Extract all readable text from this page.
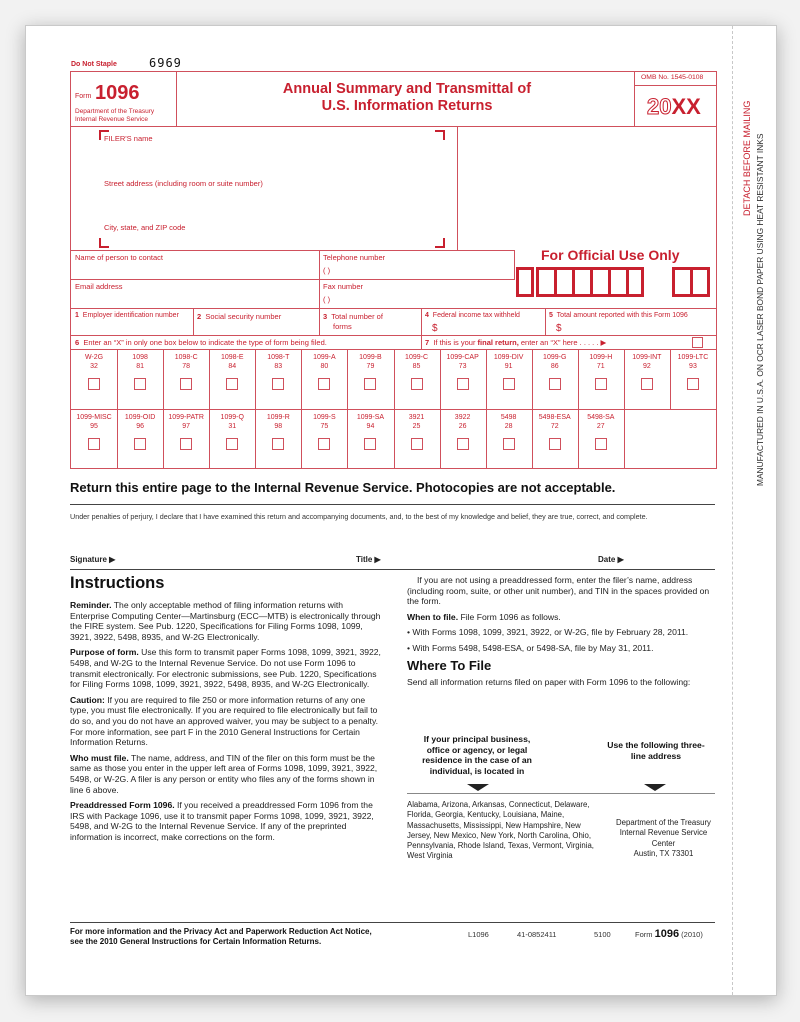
Do Not Staple	6969
Form 1096
Department of the Treasury
Internal Revenue Service
Annual Summary and Transmittal of
U.S. Information Returns
OMB No. 1545-0108
20XX
FILER'S name
Street address (including room or suite number)
City, state, and ZIP code
Name of person to contact	Telephone number
( )
Email address	Fax number
( )
For Official Use Only
1 Employer identification number 2 Social security number	3 Total number of
forms
4 Federal income tax withheld
$
5 Total amount reported with this Form 1096
$
6 Enter an “X” in only one box below to indicate the type of form being filed.	7 If this is your final return, enter an “X” here . . . . . ▶
W-2G
32
1098
81
1098-C
78
1098-E
84
1098-T
83
1099-A
80
1099-B
79
1099-C
85
1099-CAP
73
1099-DIV
91
1099-G
86
1099-H
71
1099-INT
92
1099-LTC
93
1099-MISC
95
1099-OID
96
1099-PATR
97
1099-Q
31
1099-R
98
1099-S
75
1099-SA
94
3921
25
3922
26
5498
28
5498-ESA
72
5498-SA
27
Return this entire page to the Internal Revenue Service. Photocopies are not acceptable.
Under penalties of perjury, I declare that I have examined this return and accompanying documents, and, to the best of my knowledge and belief, they are true, correct, and complete.
Signature ▶	Title ▶	Date ▶
Instructions

Reminder. The only acceptable method of filing information returns with Enterprise Computing Center—Martinsburg (ECC—MTB) is electronically through the FIRE system. See Pub. 1220, Specifications for Filing Forms 1098, 1099, 3921, 3922, 5498, 8935, and W-2G Electronically.

Purpose of form. Use this form to transmit paper Forms 1098, 1099, 3921, 3922, 5498, and W-2G to the Internal Revenue Service. Do not use Form 1096 to transmit electronically. For electronic submissions, see Pub. 1220, Specifications for Filing Forms 1098, 1099, 3921, 3922, 5498, 8935, and W-2G Electronically.

Caution: If you are required to file 250 or more information returns of any one type, you must file electronically. If you are required to file electronically but fail to do so, and you do not have an approved waiver, you may be subject to a penalty. For more information, see part F in the 2010 General Instructions for Certain Information Returns.

Who must file. The name, address, and TIN of the filer on this form must be the same as those you enter in the upper left area of Forms 1098, 1099, 3921, 3922, 5498, or W-2G. A filer is any person or entity who files any of the forms shown in line 6 above.

Preaddressed Form 1096. If you received a preaddressed Form 1096 from the IRS with Package 1096, use it to transmit paper Forms 1098, 1099, 3921, 3922, 5498, and W-2G to the Internal Revenue Service. If any of the preprinted information is incorrect, make corrections on the form.

If you are not using a preaddressed form, enter the filer’s name, address (including room, suite, or other unit number), and TIN in the spaces provided on the form.

When to file. File Form 1096 as follows.

• With Forms 1098, 1099, 3921, 3922, or W-2G, file by February 28, 2011.

• With Forms 5498, 5498-ESA, or 5498-SA, file by May 31, 2011.

Where To File

Send all information returns filed on paper with Form 1096 to the following:

If your principal business, office or agency, or legal residence in the case of an individual, is located in
Use the following three-line address
Alabama, Arizona, Arkansas, Connecticut, Delaware, Florida, Georgia, Kentucky, Louisiana, Maine, Massachusetts, Mississippi, New Hampshire, New Jersey, New Mexico, New York, North Carolina, Ohio, Pennsylvania, Rhode Island, Texas, Vermont, Virginia, West Virginia
Department of the Treasury
Internal Revenue Service Center
Austin, TX 73301
For more information and the Privacy Act and Paperwork Reduction Act Notice,
see the 2010 General Instructions for Certain Information Returns.
L1096	41-0852411	5100	Form 1096 (2010)
DETACH BEFORE MAILING MANUFACTURED IN U.S.A. ON OCR LASER BOND PAPER USING HEAT RESISTANT INKS
